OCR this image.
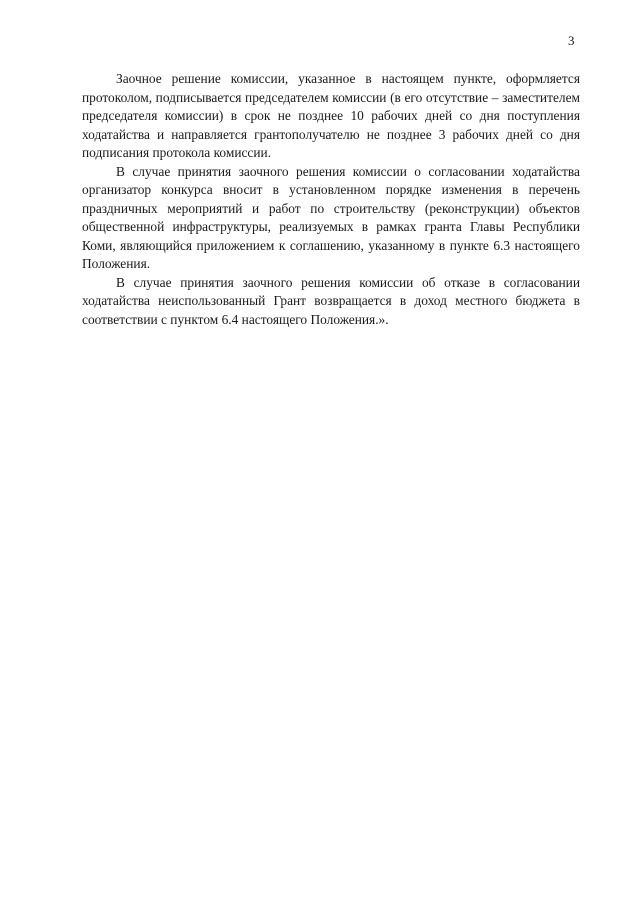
3

Заочное решение комиссии, указанное в настоящем пункте, оформляется протоколом, подписывается председателем комиссии (в его отсутствие – заместителем председателя комиссии) в срок не позднее 10 рабочих дней со дня поступления ходатайства и направляется грантополучателю не позднее 3 рабочих дней со дня подписания протокола комиссии.

В случае принятия заочного решения комиссии о согласовании ходатайства организатор конкурса вносит в установленном порядке изменения в перечень праздничных мероприятий и работ по строительству (реконструкции) объектов общественной инфраструктуры, реализуемых в рамках гранта Главы Республики Коми, являющийся приложением к соглашению, указанному в пункте 6.3 настоящего Положения.

В случае принятия заочного решения комиссии об отказе в согласовании ходатайства неиспользованный Грант возвращается в доход местного бюджета в соответствии с пунктом 6.4 настоящего Положения.».
